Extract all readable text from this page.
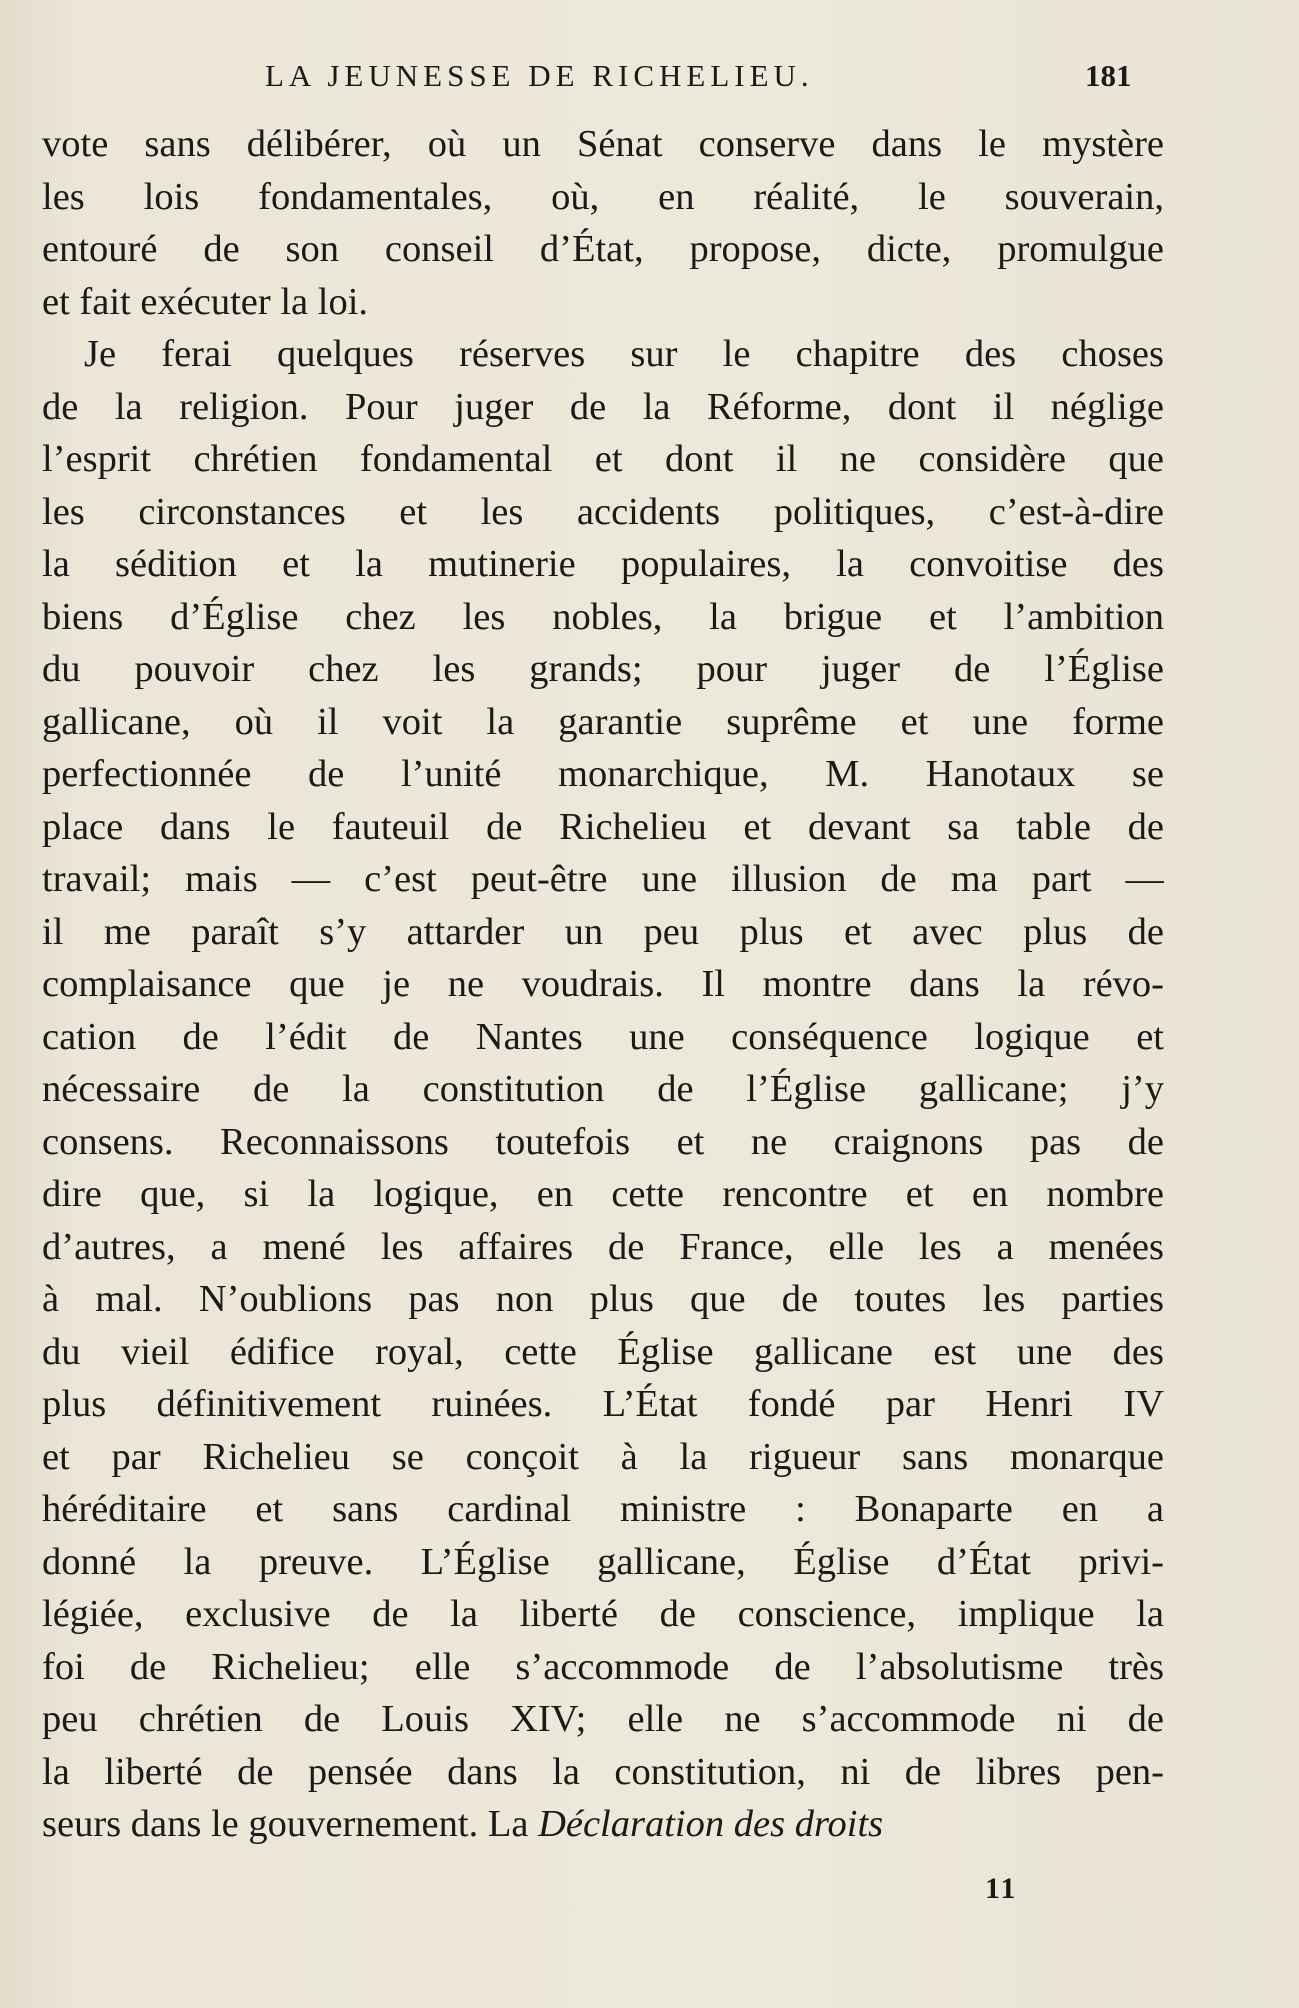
LA JEUNESSE DE RICHELIEU.	181
vote sans délibérer, où un Sénat conserve dans le mystère
les lois fondamentales, où, en réalité, le souverain,
entouré de son conseil d’État, propose, dicte, promulgue
et fait exécuter la loi.
Je ferai quelques réserves sur le chapitre des choses
de la religion. Pour juger de la Réforme, dont il néglige
l’esprit chrétien fondamental et dont il ne considère que
les circonstances et les accidents politiques, c’est-à-dire
la sédition et la mutinerie populaires, la convoitise des
biens d’Église chez les nobles, la brigue et l’ambition
du pouvoir chez les grands; pour juger de l’Église
gallicane, où il voit la garantie suprême et une forme
perfectionnée de l’unité monarchique, M. Hanotaux se
place dans le fauteuil de Richelieu et devant sa table de
travail; mais — c’est peut-être une illusion de ma part —
il me paraît s’y attarder un peu plus et avec plus de
complaisance que je ne voudrais. Il montre dans la révo-
cation de l’édit de Nantes une conséquence logique et
nécessaire de la constitution de l’Église gallicane; j’y
consens. Reconnaissons toutefois et ne craignons pas de
dire que, si la logique, en cette rencontre et en nombre
d’autres, a mené les affaires de France, elle les a menées
à mal. N’oublions pas non plus que de toutes les parties
du vieil édifice royal, cette Église gallicane est une des
plus définitivement ruinées. L’État fondé par Henri IV
et par Richelieu se conçoit à la rigueur sans monarque
héréditaire et sans cardinal ministre : Bonaparte en a
donné la preuve. L’Église gallicane, Église d’État privi-
légiée, exclusive de la liberté de conscience, implique la
foi de Richelieu; elle s’accommode de l’absolutisme très
peu chrétien de Louis XIV; elle ne s’accommode ni de
la liberté de pensée dans la constitution, ni de libres pen-
seurs dans le gouvernement. La Déclaration des droits
11
